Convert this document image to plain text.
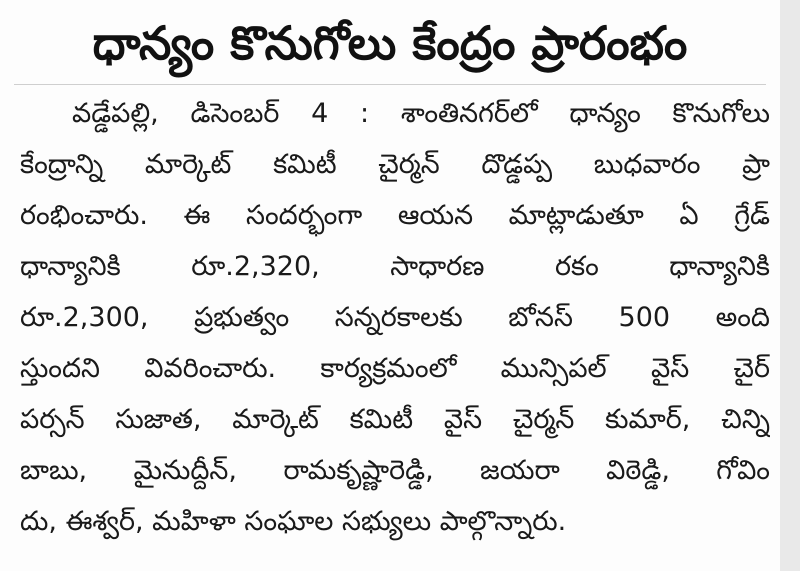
ధాన్యం కొనుగోలు కేంద్రం ప్రారంభం
వడ్డేపల్లి, డిసెంబర్ 4 : శాంతినగర్‌లో ధాన్యం కొనుగోలు
కేంద్రాన్ని మార్కెట్ కమిటీ చైర్మన్ దొడ్డప్ప బుధవారం ప్రా
రంభించారు. ఈ సందర్భంగా ఆయన మాట్లాడుతూ ఏ గ్రేడ్
ధాన్యానికి రూ.2,320, సాధారణ రకం ధాన్యానికి
రూ.2,300, ప్రభుత్వం సన్నరకాలకు బోనస్ 500 అంది
స్తుందని వివరించారు. కార్యక్రమంలో మున్సిపల్ వైస్ చైర్
పర్సన్ సుజాత, మార్కెట్ కమిటీ వైస్ చైర్మన్ కుమార్, చిన్ని
బాబు, మైనుద్దీన్, రామకృష్ణారెడ్డి, జయరా విఠెడ్డి, గోవిం
దు, ఈశ్వర్, మహిళా సంఘాల సభ్యులు పాల్గొన్నారు.
